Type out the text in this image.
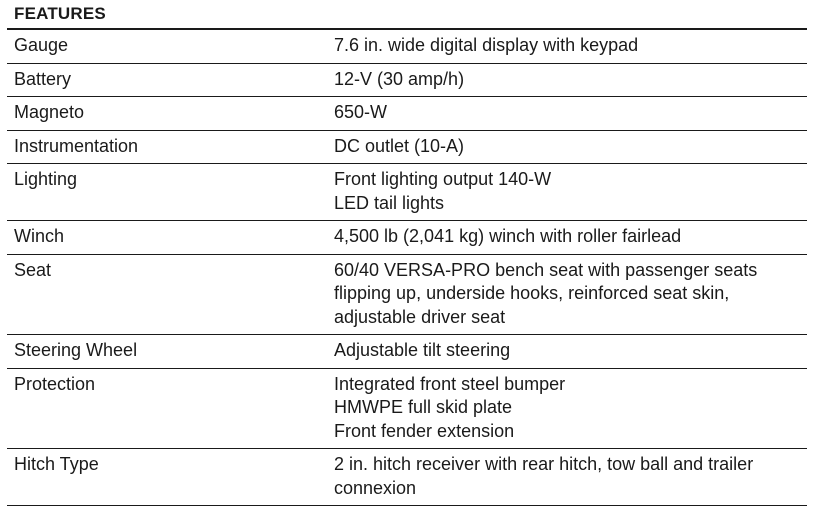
FEATURES
Gauge	7.6 in. wide digital display with keypad

Battery	12-V (30 amp/h)

Magneto	650-W

Instrumentation	DC outlet (10-A)

Lighting	Front lighting output 140-W
LED tail lights

Winch	4,500 lb (2,041 kg) winch with roller fairlead

Seat	60/40 VERSA-PRO bench seat with passenger seats
flipping up, underside hooks, reinforced seat skin,
adjustable driver seat

Steering Wheel	Adjustable tilt steering

Protection	Integrated front steel bumper
HMWPE full skid plate
Front fender extension

Hitch Type	2 in. hitch receiver with rear hitch, tow ball and trailer
connexion
